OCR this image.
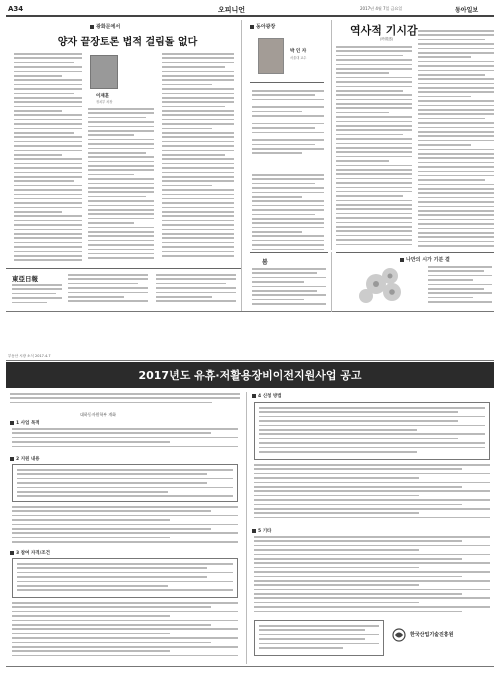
A34	오피니언	2017년 4월 7일 금요일	동아일보
광화문에서
양자 끝장토론 법적 걸림돌 없다
이재훈
정치부 차장
東亞日報
동아광장
박 인 자
서울대 교수
역사적 기시감
(時視感)
봄	나만의 시가 기분 곁
부동산 시장 소식 2017.4.7
2017년도 유휴·저활용장비이전지원사업 공고
대하동자원학부 개화
1 사업 목적
2 지원 내용
3 참여 자격/조건
4 신청 방법
5 기타
한국산업기술진흥원
